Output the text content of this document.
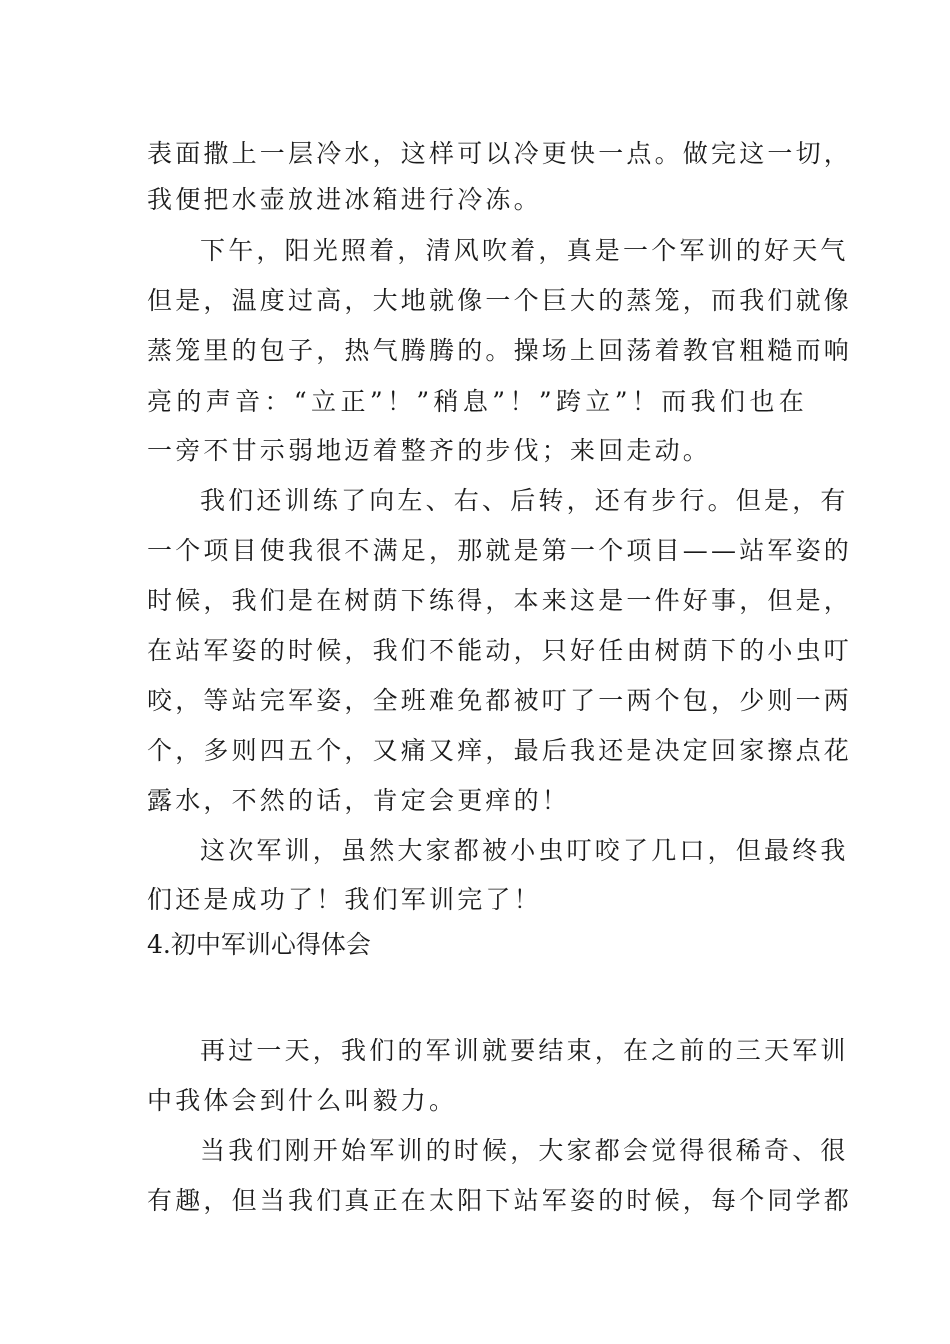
表面撒上一层冷水，这样可以冷更快一点。做完这一切，
我便把水壶放进冰箱进行冷冻。
下午，阳光照着，清风吹着，真是一个军训的好天气
但是，温度过高，大地就像一个巨大的蒸笼，而我们就像
蒸笼里的包子，热气腾腾的。操场上回荡着教官粗糙而响
亮的声音：“立正”！”稍息”！”跨立”！而我们也在
一旁不甘示弱地迈着整齐的步伐；来回走动。
我们还训练了向左、右、后转，还有步行。但是，有
一个项目使我很不满足，那就是第一个项目——站军姿的
时候，我们是在树荫下练得，本来这是一件好事，但是，
在站军姿的时候，我们不能动，只好任由树荫下的小虫叮
咬，等站完军姿，全班难免都被叮了一两个包，少则一两
个，多则四五个，又痛又痒，最后我还是决定回家擦点花
露水，不然的话，肯定会更痒的！
这次军训，虽然大家都被小虫叮咬了几口，但最终我
们还是成功了！我们军训完了！
4.初中军训心得体会
再过一天，我们的军训就要结束，在之前的三天军训
中我体会到什么叫毅力。
当我们刚开始军训的时候，大家都会觉得很稀奇、很
有趣，但当我们真正在太阳下站军姿的时候，每个同学都
